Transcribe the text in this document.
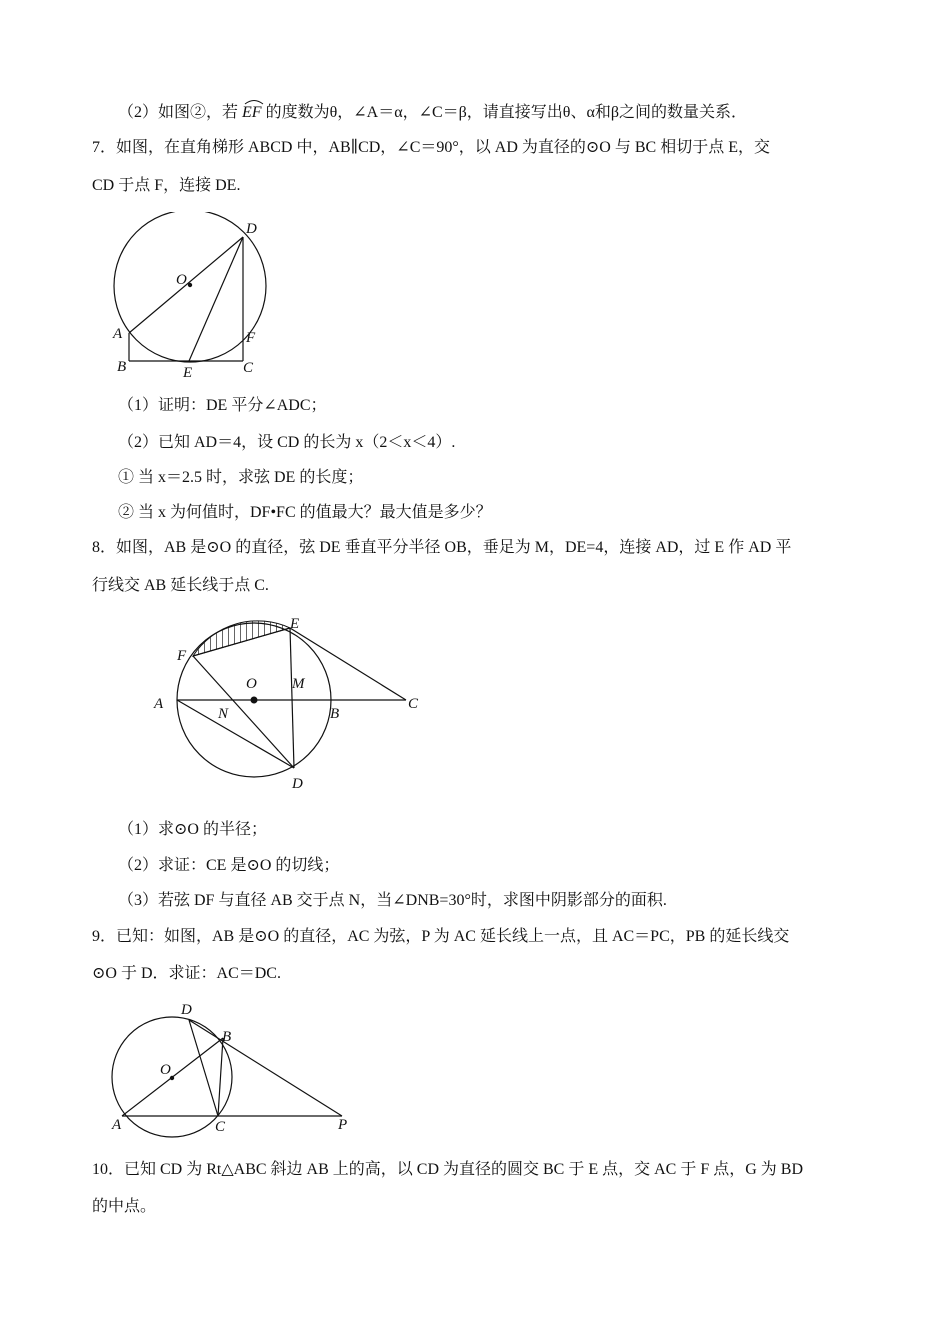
（2）如图②，若 EF 的度数为θ，∠A＝α，∠C＝β，请直接写出θ、α和β之间的数量关系．
7．如图，在直角梯形 ABCD 中，AB∥CD，∠C＝90°，以 AD 为直径的⊙O 与 BC 相切于点 E，交
CD 于点 F，连接 DE.
O
D
A	F
B	E	C
（1）证明：DE 平分∠ADC；
（2）已知 AD＝4，设 CD 的长为 x（2＜x＜4）.
① 当 x＝2.5 时，求弦 DE 的长度；
② 当 x 为何值时，DF•FC 的值最大？最大值是多少？
8．如图，AB 是⊙O 的直径，弦 DE 垂直平分半径 OB，垂足为 M，DE=4，连接 AD，过 E 作 AD 平
行线交 AB 延长线于点 C.
F
E
O M
A
N	B
C
D
（1）求⊙O 的半径；
（2）求证：CE 是⊙O 的切线；
（3）若弦 DF 与直径 AB 交于点 N，当∠DNB=30°时，求图中阴影部分的面积.
9．已知：如图，AB 是⊙O 的直径，AC 为弦，P 为 AC 延长线上一点，且 AC＝PC，PB 的延长线交
⊙O 于 D．求证：AC＝DC.
D
B
O
A	C	P
10．已知 CD 为 Rt△ABC 斜边 AB 上的高，以 CD 为直径的圆交 BC 于 E 点，交 AC 于 F 点，G 为 BD
的中点。
